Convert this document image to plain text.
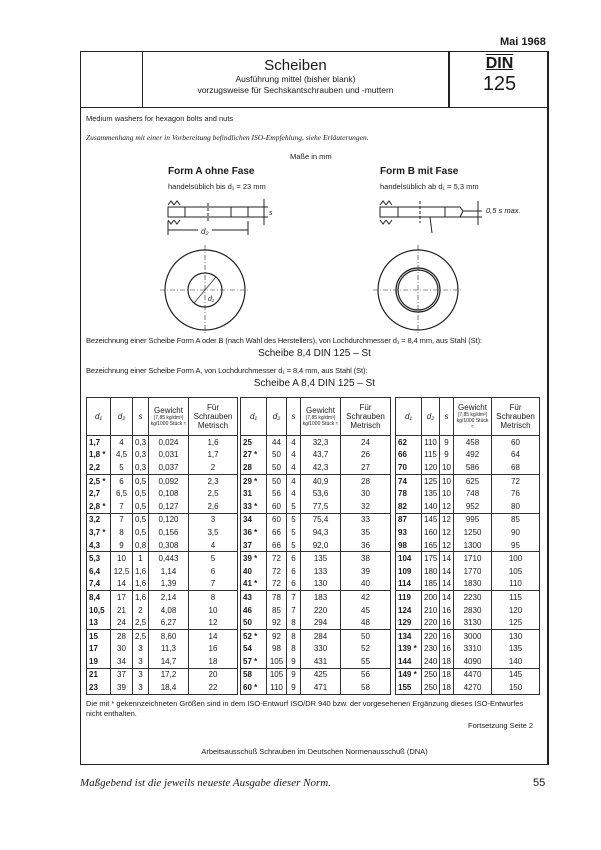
Mai 1968
Scheiben
Ausführung mittel (bisher blank)
vorzugsweise für Sechskantschrauben und -muttern
DIN
125
Medium washers for hexagon bolts and nuts
Zusammenhang mit einer in Vorbereitung befindlichen ISO-Empfehlung, siehe Erläuterungen.
Maße in mm
Form A ohne Fase
handelsüblich bis d₁ = 23 mm
Form B mit Fase
handelsüblich ab d₁ = 5,3 mm
0,5 s max.
d₂
s
d₁
Bezeichnung einer Scheibe Form A oder B (nach Wahl des Herstellers), von Lochdurchmesser d₁ = 8,4 mm, aus Stahl (St):
Scheibe 8,4 DIN 125 – St
Bezeichnung einer Scheibe Form A, von Lochdurchmesser d₁ = 8,4 mm, aus Stahl (St):
Scheibe A 8,4 DIN 125 – St
d₁	d₂	s	Gewicht
(7,85 kg/dm³) kg/1000 Stück ≈	Für Schrauben Metrisch
1,7	4	0,3	0,024	1,6
1,8 *	4,5	0,3	0,031	1,7
2,2	5	0,3	0,037	2
2,5 *	6	0,5	0,092	2,3
2,7	6,5	0,5	0,108	2,5
2,8 *	7	0,5	0,127	2,6
3,2	7	0,5	0,120	3
3,7 *	8	0,5	0,156	3,5
4,3	9	0,8	0,308	4
5,3	10	1	0,443	5
6,4	12,5	1,6	1,14	6
7,4	14	1,6	1,39	7
8,4	17	1,6	2,14	8
10,5	21	2	4,08	10
13	24	2,5	6,27	12
15	28	2,5	8,60	14
17	30	3	11,3	16
19	34	3	14,7	18
21	37	3	17,2	20
23	39	3	18,4	22
d₁	d₂	s	Gewicht
(7,85 kg/dm³) kg/1000 Stück ≈	Für Schrauben Metrisch
25	44	4	32,3	24
27 *	50	4	43,7	26
28	50	4	42,3	27
29 *	50	4	40,9	28
31	56	4	53,6	30
33 *	60	5	77,5	32
34	60	5	75,4	33
36 *	66	5	94,3	35
37	66	5	92,0	36
39 *	72	6	135	38
40	72	6	133	39
41 *	72	6	130	40
43	78	7	183	42
46	85	7	220	45
50	92	8	294	48
52 *	92	8	284	50
54	98	8	330	52
57 *	105	9	431	55
58	105	9	425	56
60 *	110	9	471	58
d₁	d₂	s	Gewicht
(7,85 kg/dm³) kg/1000 Stück ≈	Für Schrauben Metrisch
62	110	9	458	60
66	115	9	492	64
70	120	10	586	68
74	125	10	625	72
78	135	10	748	76
82	140	12	952	80
87	145	12	995	85
93	160	12	1250	90
98	165	12	1300	95
104	175	14	1710	100
109	180	14	1770	105
114	185	14	1830	110
119	200	14	2230	115
124	210	16	2830	120
129	220	16	3130	125
134	220	16	3000	130
139 *	230	16	3310	135
144	240	18	4090	140
149 *	250	18	4470	145
155	250	18	4270	150
Die mit * gekennzeichneten Größen sind in dem ISO-Entwurf ISO/DR 940 bzw. der vorgesehenen Ergänzung dieses ISO-Entwurfes nicht enthalten.
Fortsetzung Seite 2
Arbeitsausschuß Schrauben im Deutschen Normenausschuß (DNA)
Maßgebend ist die jeweils neueste Ausgabe dieser Norm.	55
